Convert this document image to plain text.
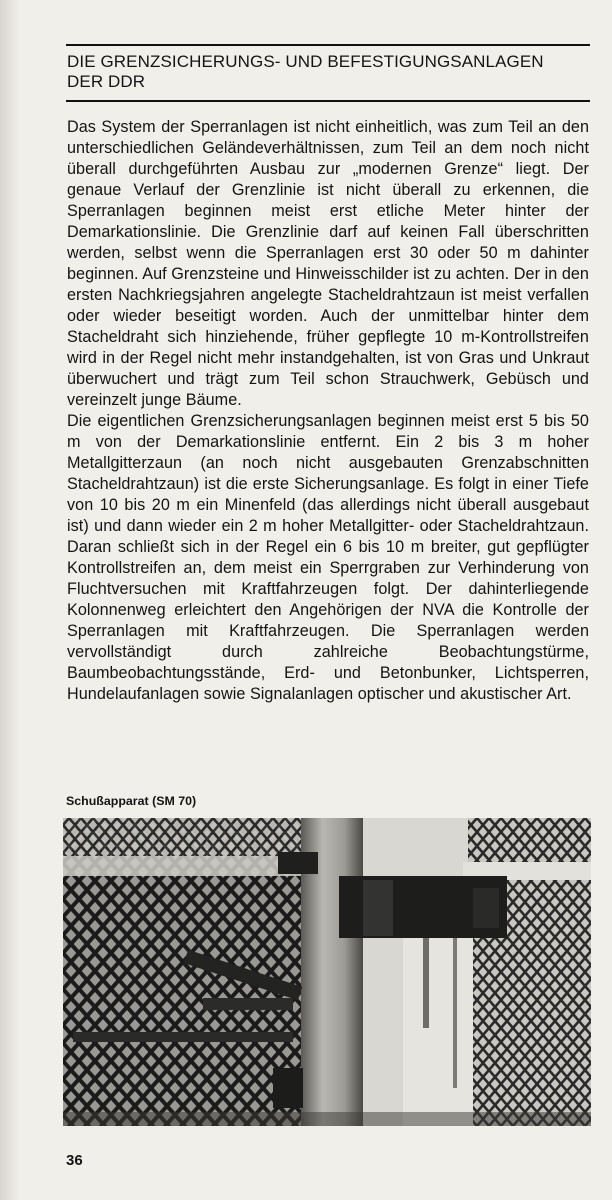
DIE GRENZSICHERUNGS- UND BEFESTIGUNGSANLAGEN
DER DDR

Das System der Sperranlagen ist nicht einheitlich, was zum Teil an den unterschiedlichen Geländeverhältnissen, zum Teil an dem noch nicht überall durchgeführten Ausbau zur „modernen Grenze“ liegt. Der genaue Verlauf der Grenzlinie ist nicht überall zu erkennen, die Sperranlagen beginnen meist erst etliche Meter hinter der Demarkationslinie. Die Grenzlinie darf auf keinen Fall überschritten werden, selbst wenn die Sperranlagen erst 30 oder 50 m dahinter beginnen. Auf Grenzsteine und Hinweisschilder ist zu achten. Der in den ersten Nachkriegsjahren angelegte Stacheldrahtzaun ist meist verfallen oder wieder beseitigt worden. Auch der unmittelbar hinter dem Stacheldraht sich hinziehende, früher gepflegte 10 m-Kontrollstreifen wird in der Regel nicht mehr instandgehalten, ist von Gras und Unkraut überwuchert und trägt zum Teil schon Strauchwerk, Gebüsch und vereinzelt junge Bäume.

Die eigentlichen Grenzsicherungsanlagen beginnen meist erst 5 bis 50 m von der Demarkationslinie entfernt. Ein 2 bis 3 m hoher Metallgitterzaun (an noch nicht ausgebauten Grenzabschnitten Stacheldrahtzaun) ist die erste Sicherungsanlage. Es folgt in einer Tiefe von 10 bis 20 m ein Minenfeld (das allerdings nicht überall ausgebaut ist) und dann wieder ein 2 m hoher Metallgitter- oder Stacheldrahtzaun. Daran schließt sich in der Regel ein 6 bis 10 m breiter, gut gepflügter Kontrollstreifen an, dem meist ein Sperrgraben zur Verhinderung von Fluchtversuchen mit Kraftfahrzeugen folgt. Der dahinterliegende Kolonnenweg erleichtert den Angehörigen der NVA die Kontrolle der Sperranlagen mit Kraftfahrzeugen. Die Sperranlagen werden vervollständigt durch zahlreiche Beobachtungstürme, Baumbeobachtungsstände, Erd- und Betonbunker, Lichtsperren, Hundelaufanlagen sowie Signalanlagen optischer und akustischer Art.

Schußapparat (SM 70)
36
